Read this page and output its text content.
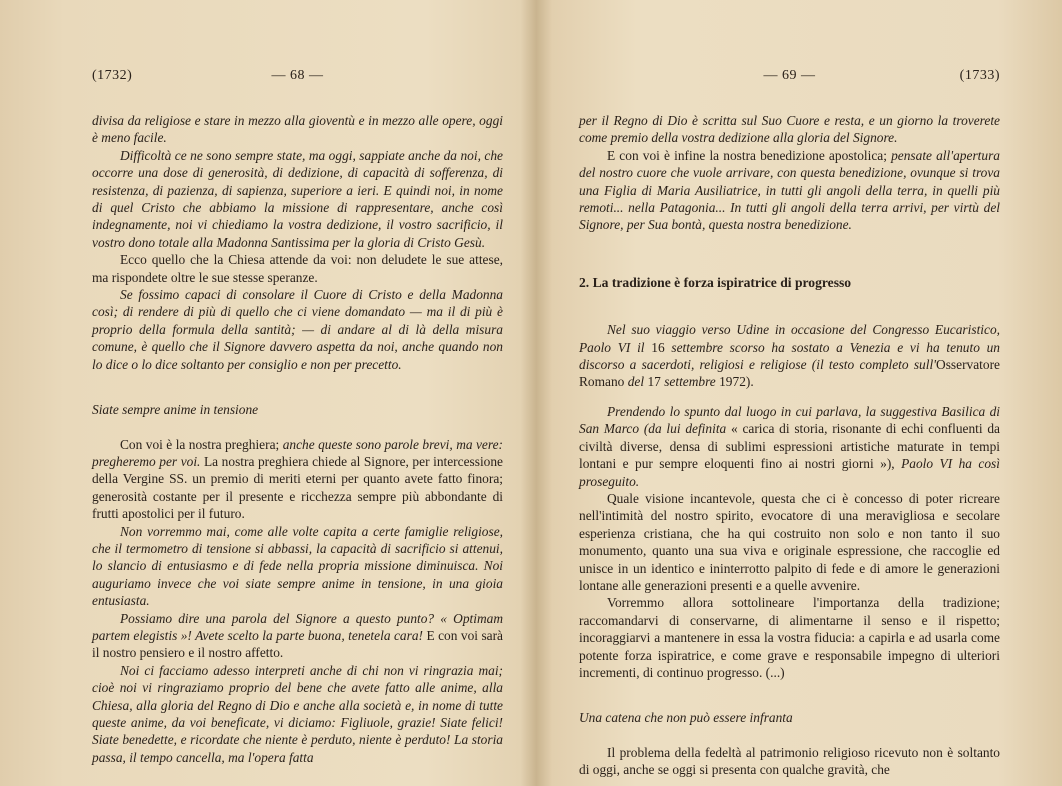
(1732)	— 68 —

divisa da religiose e stare in mezzo alla gioventù e in mezzo alle opere, oggi è meno facile.

Difficoltà ce ne sono sempre state, ma oggi, sappiate anche da noi, che occorre una dose di generosità, di dedizione, di capacità di sofferenza, di resistenza, di pazienza, di sapienza, superiore a ieri. E quindi noi, in nome di quel Cristo che abbiamo la missione di rappresentare, anche così indegnamente, noi vi chiediamo la vostra dedizione, il vostro sacrificio, il vostro dono totale alla Madonna Santissima per la gloria di Cristo Gesù.

Ecco quello che la Chiesa attende da voi: non deludete le sue attese, ma rispondete oltre le sue stesse speranze.

Se fossimo capaci di consolare il Cuore di Cristo e della Madonna così; di rendere di più di quello che ci viene domandato — ma il di più è proprio della formula della santità; — di andare al di là della misura comune, è quello che il Signore davvero aspetta da noi, anche quando non lo dice o lo dice soltanto per consiglio e non per precetto.

Siate sempre anime in tensione

Con voi è la nostra preghiera; anche queste sono parole brevi, ma vere: pregheremo per voi. La nostra preghiera chiede al Signore, per intercessione della Vergine SS. un premio di meriti eterni per quanto avete fatto finora; generosità costante per il presente e ricchezza sempre più abbondante di frutti apostolici per il futuro.

Non vorremmo mai, come alle volte capita a certe famiglie religiose, che il termometro di tensione si abbassi, la capacità di sacrificio si attenui, lo slancio di entusiasmo e di fede nella propria missione diminuisca. Noi auguriamo invece che voi siate sempre anime in tensione, in una gioia entusiasta.

Possiamo dire una parola del Signore a questo punto? « Optimam partem elegistis »! Avete scelto la parte buona, tenetela cara! E con voi sarà il nostro pensiero e il nostro affetto.

Noi ci facciamo adesso interpreti anche di chi non vi ringrazia mai; cioè noi vi ringraziamo proprio del bene che avete fatto alle anime, alla Chiesa, alla gloria del Regno di Dio e anche alla società e, in nome di tutte queste anime, da voi beneficate, vi diciamo: Figliuole, grazie! Siate felici! Siate benedette, e ricordate che niente è perduto, niente è perduto! La storia passa, il tempo cancella, ma l'opera fatta

— 69 —	(1733)

per il Regno di Dio è scritta sul Suo Cuore e resta, e un giorno la troverete come premio della vostra dedizione alla gloria del Signore.

E con voi è infine la nostra benedizione apostolica; pensate all'apertura del nostro cuore che vuole arrivare, con questa benedizione, ovunque si trova una Figlia di Maria Ausiliatrice, in tutti gli angoli della terra, in quelli più remoti... nella Patagonia... In tutti gli angoli della terra arrivi, per virtù del Signore, per Sua bontà, questa nostra benedizione.

2. La tradizione è forza ispiratrice di progresso

Nel suo viaggio verso Udine in occasione del Congresso Eucaristico, Paolo VI il 16 settembre scorso ha sostato a Venezia e vi ha tenuto un discorso a sacerdoti, religiosi e religiose (il testo completo sull'Osservatore Romano del 17 settembre 1972).

Prendendo lo spunto dal luogo in cui parlava, la suggestiva Basilica di San Marco (da lui definita « carica di storia, risonante di echi confluenti da civiltà diverse, densa di sublimi espressioni artistiche maturate in tempi lontani e pur sempre eloquenti fino ai nostri giorni »), Paolo VI ha così proseguito.

Quale visione incantevole, questa che ci è concesso di poter ricreare nell'intimità del nostro spirito, evocatore di una meravigliosa e secolare esperienza cristiana, che ha qui costruito non solo e non tanto il suo monumento, quanto una sua viva e originale espressione, che raccoglie ed unisce in un identico e ininterrotto palpito di fede e di amore le generazioni lontane alle generazioni presenti e a quelle avvenire.

Vorremmo allora sottolineare l'importanza della tradizione; raccomandarvi di conservarne, di alimentarne il senso e il rispetto; incoraggiarvi a mantenere in essa la vostra fiducia: a capirla e ad usarla come potente forza ispiratrice, e come grave e responsabile impegno di ulteriori incrementi, di continuo progresso. (...)

Una catena che non può essere infranta

Il problema della fedeltà al patrimonio religioso ricevuto non è soltanto di oggi, anche se oggi si presenta con qualche gravità, che
